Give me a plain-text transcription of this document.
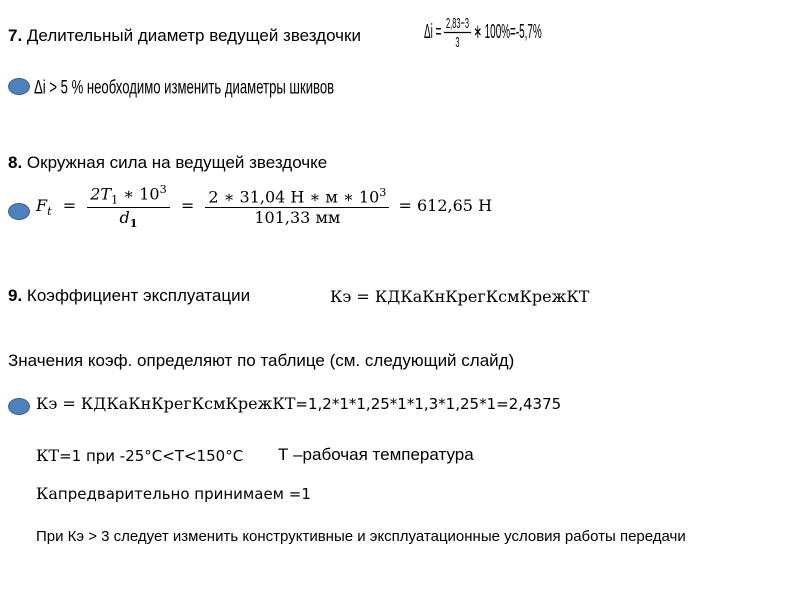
7. Делительный диаметр ведущей звездочки	$\Delta i = \frac{2,83-3}{3}$ ∗ 100%=-5,7%
Δi > 5 % необходимо изменить диаметры шкивов
8. Окружная сила на ведущей звездочке
$F_t = \frac{2T_1 ∗ 10^3}{d_1} = \frac{2 ∗ 31,04 Н ∗ м ∗ 10^3}{101,33 мм} = 612,65$ Н
9. Коэффициент эксплуатации	Кэ = КДКаКнКрегКсмКрежКТ
Значения коэф. определяют по таблице (см. следующий слайд)
Кэ = КДКаКнКрегКсмКрежКТ=1,2*1*1,25*1*1,3*1,25*1=2,4375
КТ=1 при -25°С<Т<150°С Т –рабочая температура
Капредварительно принимаем =1
При Кэ > 3 следует изменить конструктивные и эксплуатационные условия работы передачи
